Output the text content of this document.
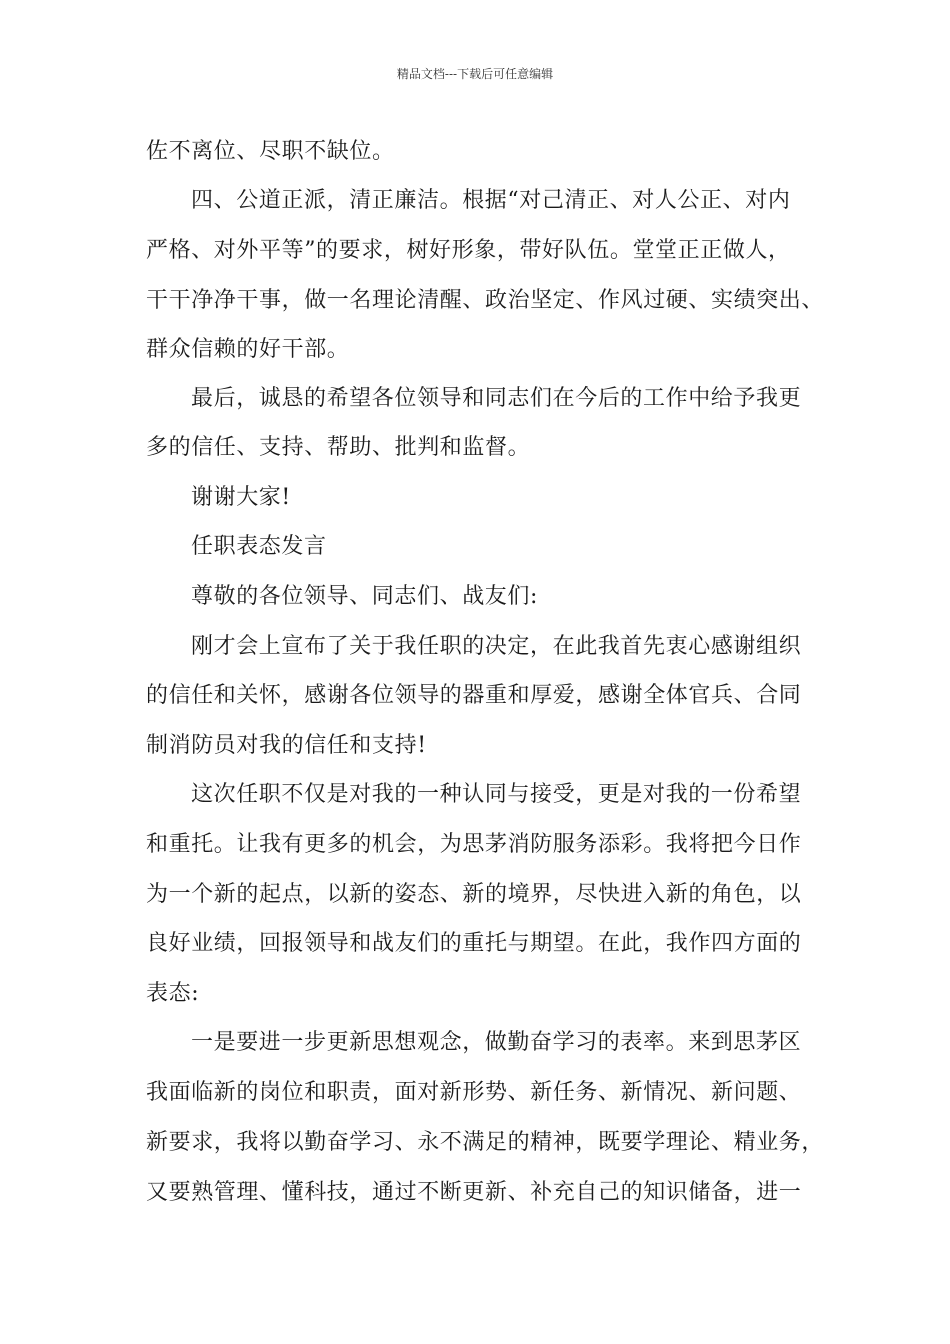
精品文档---下载后可任意编辑
佐不离位、尽职不缺位。
四、公道正派，清正廉洁。根据“对己清正、对人公正、对内
严格、对外平等”的要求，树好形象，带好队伍。堂堂正正做人，
干干净净干事，做一名理论清醒、政治坚定、作风过硬、实绩突出、
群众信赖的好干部。
最后，诚恳的希望各位领导和同志们在今后的工作中给予我更
多的信任、支持、帮助、批判和监督。
谢谢大家!
任职表态发言
尊敬的各位领导、同志们、战友们:
刚才会上宣布了关于我任职的决定，在此我首先衷心感谢组织
的信任和关怀，感谢各位领导的器重和厚爱，感谢全体官兵、合同
制消防员对我的信任和支持!
这次任职不仅是对我的一种认同与接受，更是对我的一份希望
和重托。让我有更多的机会，为思茅消防服务添彩。我将把今日作
为一个新的起点，以新的姿态、新的境界，尽快进入新的角色，以
良好业绩，回报领导和战友们的重托与期望。在此，我作四方面的
表态:
一是要进一步更新思想观念，做勤奋学习的表率。来到思茅区
我面临新的岗位和职责，面对新形势、新任务、新情况、新问题、
新要求，我将以勤奋学习、永不满足的精神，既要学理论、精业务，
又要熟管理、懂科技，通过不断更新、补充自己的知识储备，进一
